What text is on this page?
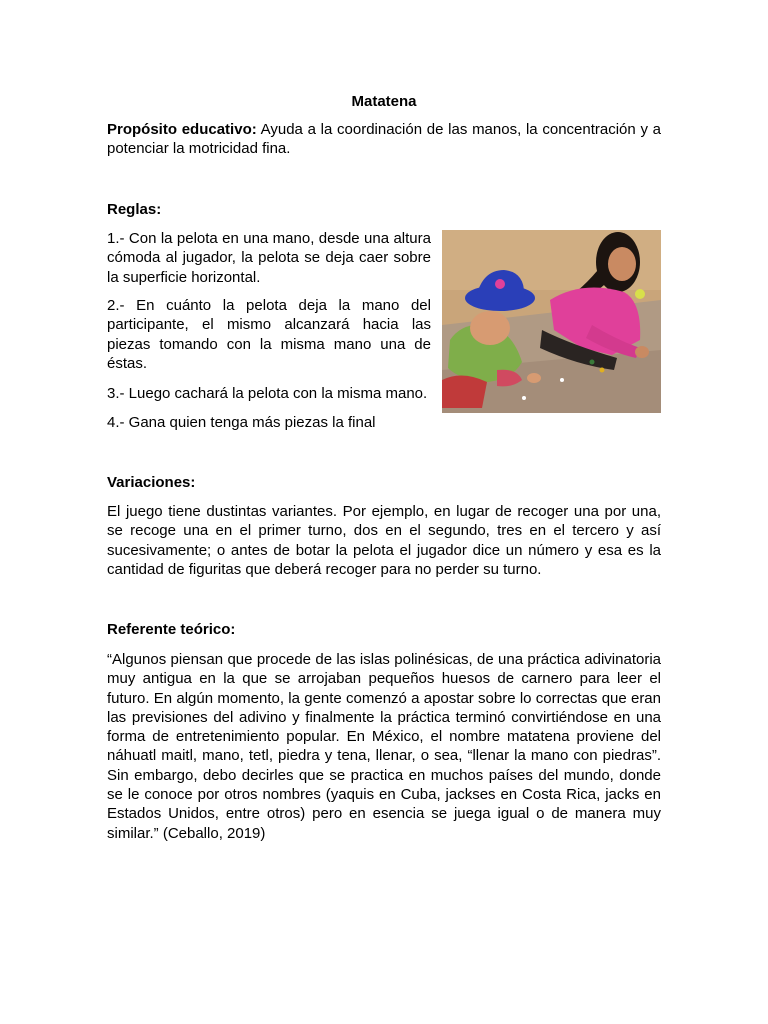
Matatena

Propósito educativo: Ayuda a la coordinación de las manos, la concentración y a potenciar la motricidad fina.

Reglas:

1.- Con la pelota en una mano, desde una altura cómoda al jugador, la pelota se deja caer sobre la superficie horizontal.

2.- En cuánto la pelota deja la mano del participante, el mismo alcanzará hacia las piezas tomando con la misma mano una de éstas.

3.- Luego cachará la pelota con la misma mano.

4.- Gana quien tenga más piezas la final

Variaciones:

El juego tiene dustintas variantes. Por ejemplo, en lugar de recoger una por una, se recoge una en el primer turno, dos en el segundo, tres en el tercero y así sucesivamente; o antes de botar la pelota el jugador dice un número y esa es la cantidad de figuritas que deberá recoger para no perder su turno.

Referente teórico:

“Algunos piensan que procede de las islas polinésicas, de una práctica adivinatoria muy antigua en la que se arrojaban pequeños huesos de carnero para leer el futuro. En algún momento, la gente comenzó a apostar sobre lo correctas que eran las previsiones del adivino y finalmente la práctica terminó convirtiéndose en una forma de entretenimiento popular. En México, el nombre matatena proviene del náhuatl maitl, mano, tetl, piedra y tena, llenar, o sea, “llenar la mano con piedras”. Sin embargo, debo decirles que se practica en muchos países del mundo, donde se le conoce por otros nombres (yaquis en Cuba, jackses en Costa Rica, jacks en Estados Unidos, entre otros) pero en esencia se juega igual o de manera muy similar.” (Ceballo, 2019)
